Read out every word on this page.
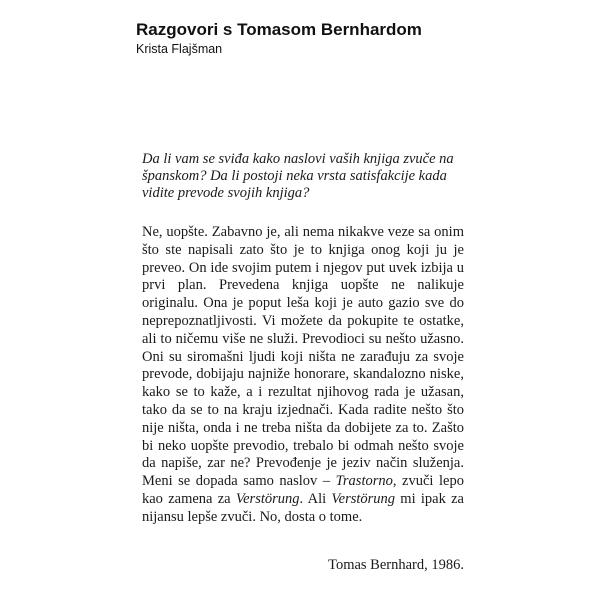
Razgovori s Tomasom Bernhardom

Krista Flajšman

Da li vam se sviđa kako naslovi vaših knjiga zvuče na španskom? Da li postoji neka vrsta satisfakcije kada vidite prevode svojih knjiga?

Ne, uopšte. Zabavno je, ali nema nikakve veze sa onim što ste napisali zato što je to knjiga onog koji ju je preveo. On ide svojim putem i njegov put uvek izbija u prvi plan. Prevedena knjiga uopšte ne nalikuje originalu. Ona je poput leša koji je auto gazio sve do neprepoznatljivosti. Vi možete da pokupite te ostatke, ali to ničemu više ne služi. Prevodioci su nešto užasno. Oni su siromašni ljudi koji ništa ne zarađuju za svoje prevode, dobijaju najniže honorare, skandalozno niske, kako se to kaže, a i rezultat njihovog rada je užasan, tako da se to na kraju izjednači. Kada radite nešto što nije ništa, onda i ne treba ništa da dobijete za to. Zašto bi neko uopšte prevodio, trebalo bi odmah nešto svoje da napiše, zar ne? Prevođenje je jeziv način služenja. Meni se dopada samo naslov – Trastorno, zvuči lepo kao zamena za Verstörung. Ali Verstörung mi ipak za nijansu lepše zvuči. No, dosta o tome.

Tomas Bernhard, 1986.
